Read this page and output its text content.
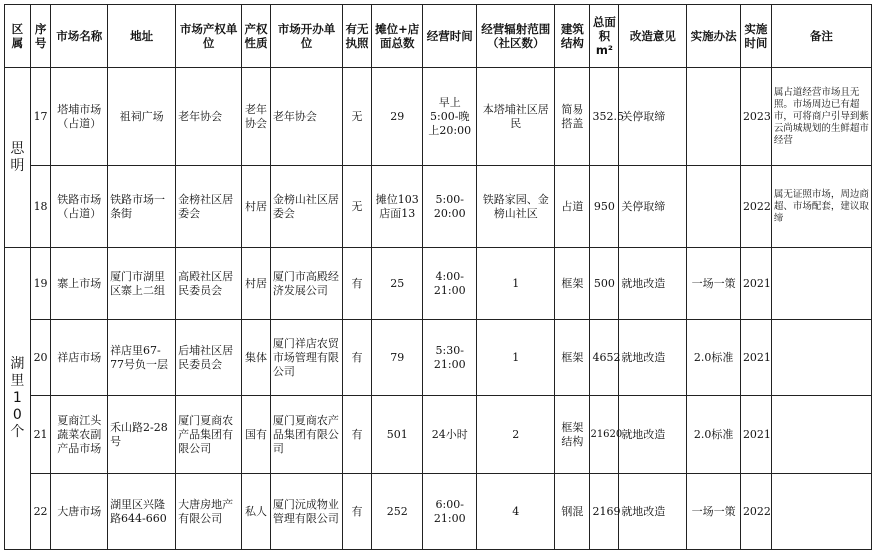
区属	序号	市场名称	地址	市场产权单位	产权性质	市场开办单位	有无执照	摊位+店面总数	经营时间	经营辐射范围（社区数）	建筑结构	总面积m²	改造意见	实施办法	实施时间	备注

思明	17	塔埔市场（占道）	祖祠广场	老年协会	老年协会	老年协会	无	29	早上5:00-晚上20:00	本塔埔社区居民	简易搭盖	352.5	关停取缔		2023	属占道经营市场且无照。市场周边已有超市，可将商户引导到紫云尚城规划的生鲜超市经营
	18	铁路市场（占道）	铁路市场一条街	金榜社区居委会	村居	金榜山社区居委会	无	摊位103店面13	5:00-20:00	铁路家园、金榜山社区	占道	950	关停取缔		2022	属无证照市场，周边商超、市场配套，建议取缔

湖里10个	19	寨上市场	厦门市湖里区寨上二组	高殿社区居民委员会	村居	厦门市高殿经济发展公司	有	25	4:00-21:00	1	框架	500	就地改造	一场一策	2021	
	20	祥店市场	祥店里67-77号负一层	后埔社区居民委员会	集体	厦门祥店农贸市场管理有限公司	有	79	5:30-21:00	1	框架	4652	就地改造	2.0标准	2021	
	21	夏商江头蔬菜农副产品市场	禾山路2-28号	厦门夏商农产品集团有限公司	国有	厦门夏商农产品集团有限公司	有	501	24小时	2	框架结构	21620	就地改造	2.0标准	2021	
	22	大唐市场	湖里区兴隆路644-660	大唐房地产有限公司	私人	厦门沅成物业管理有限公司	有	252	6:00-21:00	4	钢混	2169	就地改造	一场一策	2022	
